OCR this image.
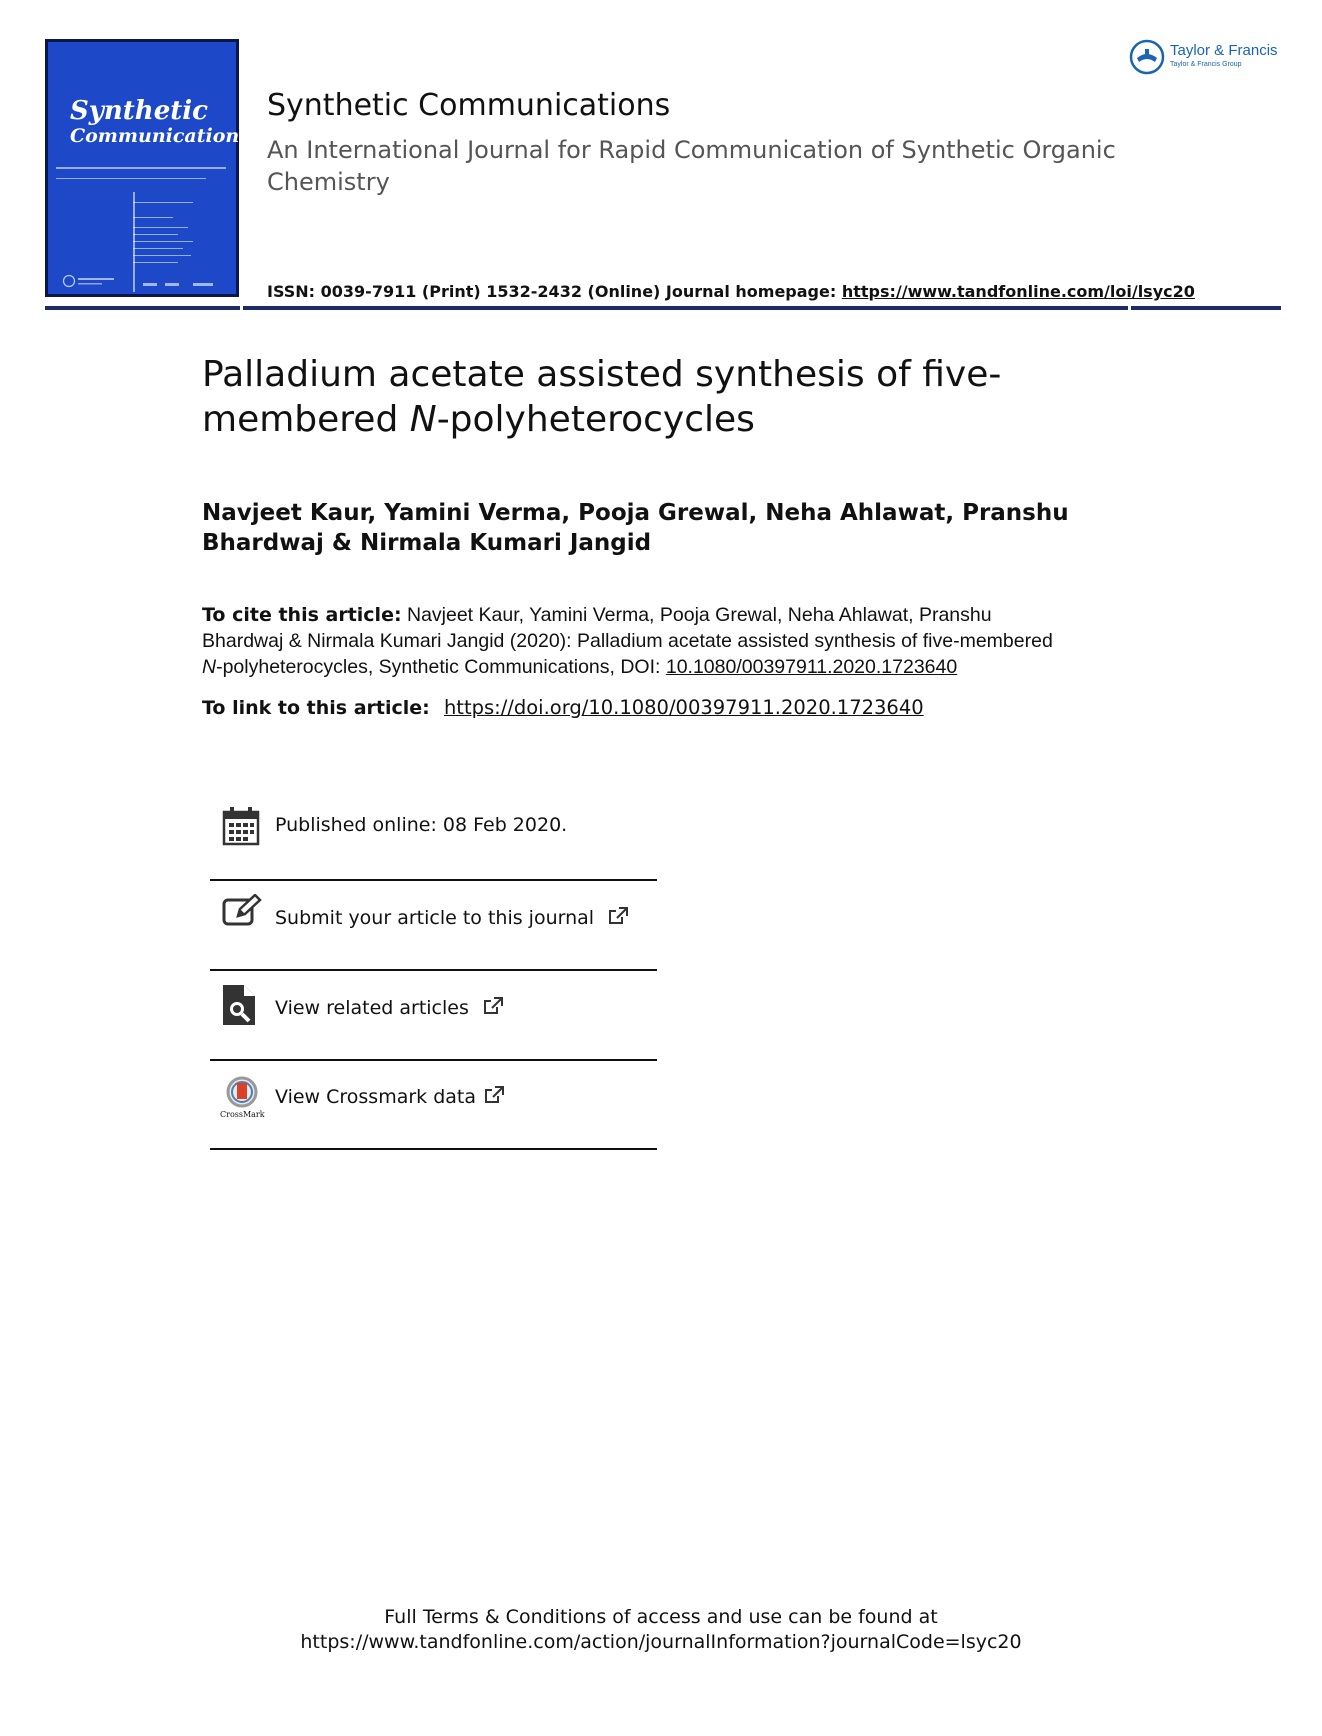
Synthetic
Communications
Taylor & Francis
Taylor & Francis Group
Synthetic Communications
An International Journal for Rapid Communication of Synthetic Organic Chemistry
ISSN: 0039-7911 (Print) 1532-2432 (Online) Journal homepage: https://www.tandfonline.com/loi/lsyc20
Palladium acetate assisted synthesis of five-membered N-polyheterocycles
Navjeet Kaur, Yamini Verma, Pooja Grewal, Neha Ahlawat, Pranshu Bhardwaj & Nirmala Kumari Jangid
To cite this article: Navjeet Kaur, Yamini Verma, Pooja Grewal, Neha Ahlawat, Pranshu
Bhardwaj & Nirmala Kumari Jangid (2020): Palladium acetate assisted synthesis of five-membered
N-polyheterocycles, Synthetic Communications, DOI: 10.1080/00397911.2020.1723640
To link to this article: https://doi.org/10.1080/00397911.2020.1723640
Published online: 08 Feb 2020.
Submit your article to this journal
View related articles
CrossMark
View Crossmark data
Full Terms & Conditions of access and use can be found at
https://www.tandfonline.com/action/journalInformation?journalCode=lsyc20
